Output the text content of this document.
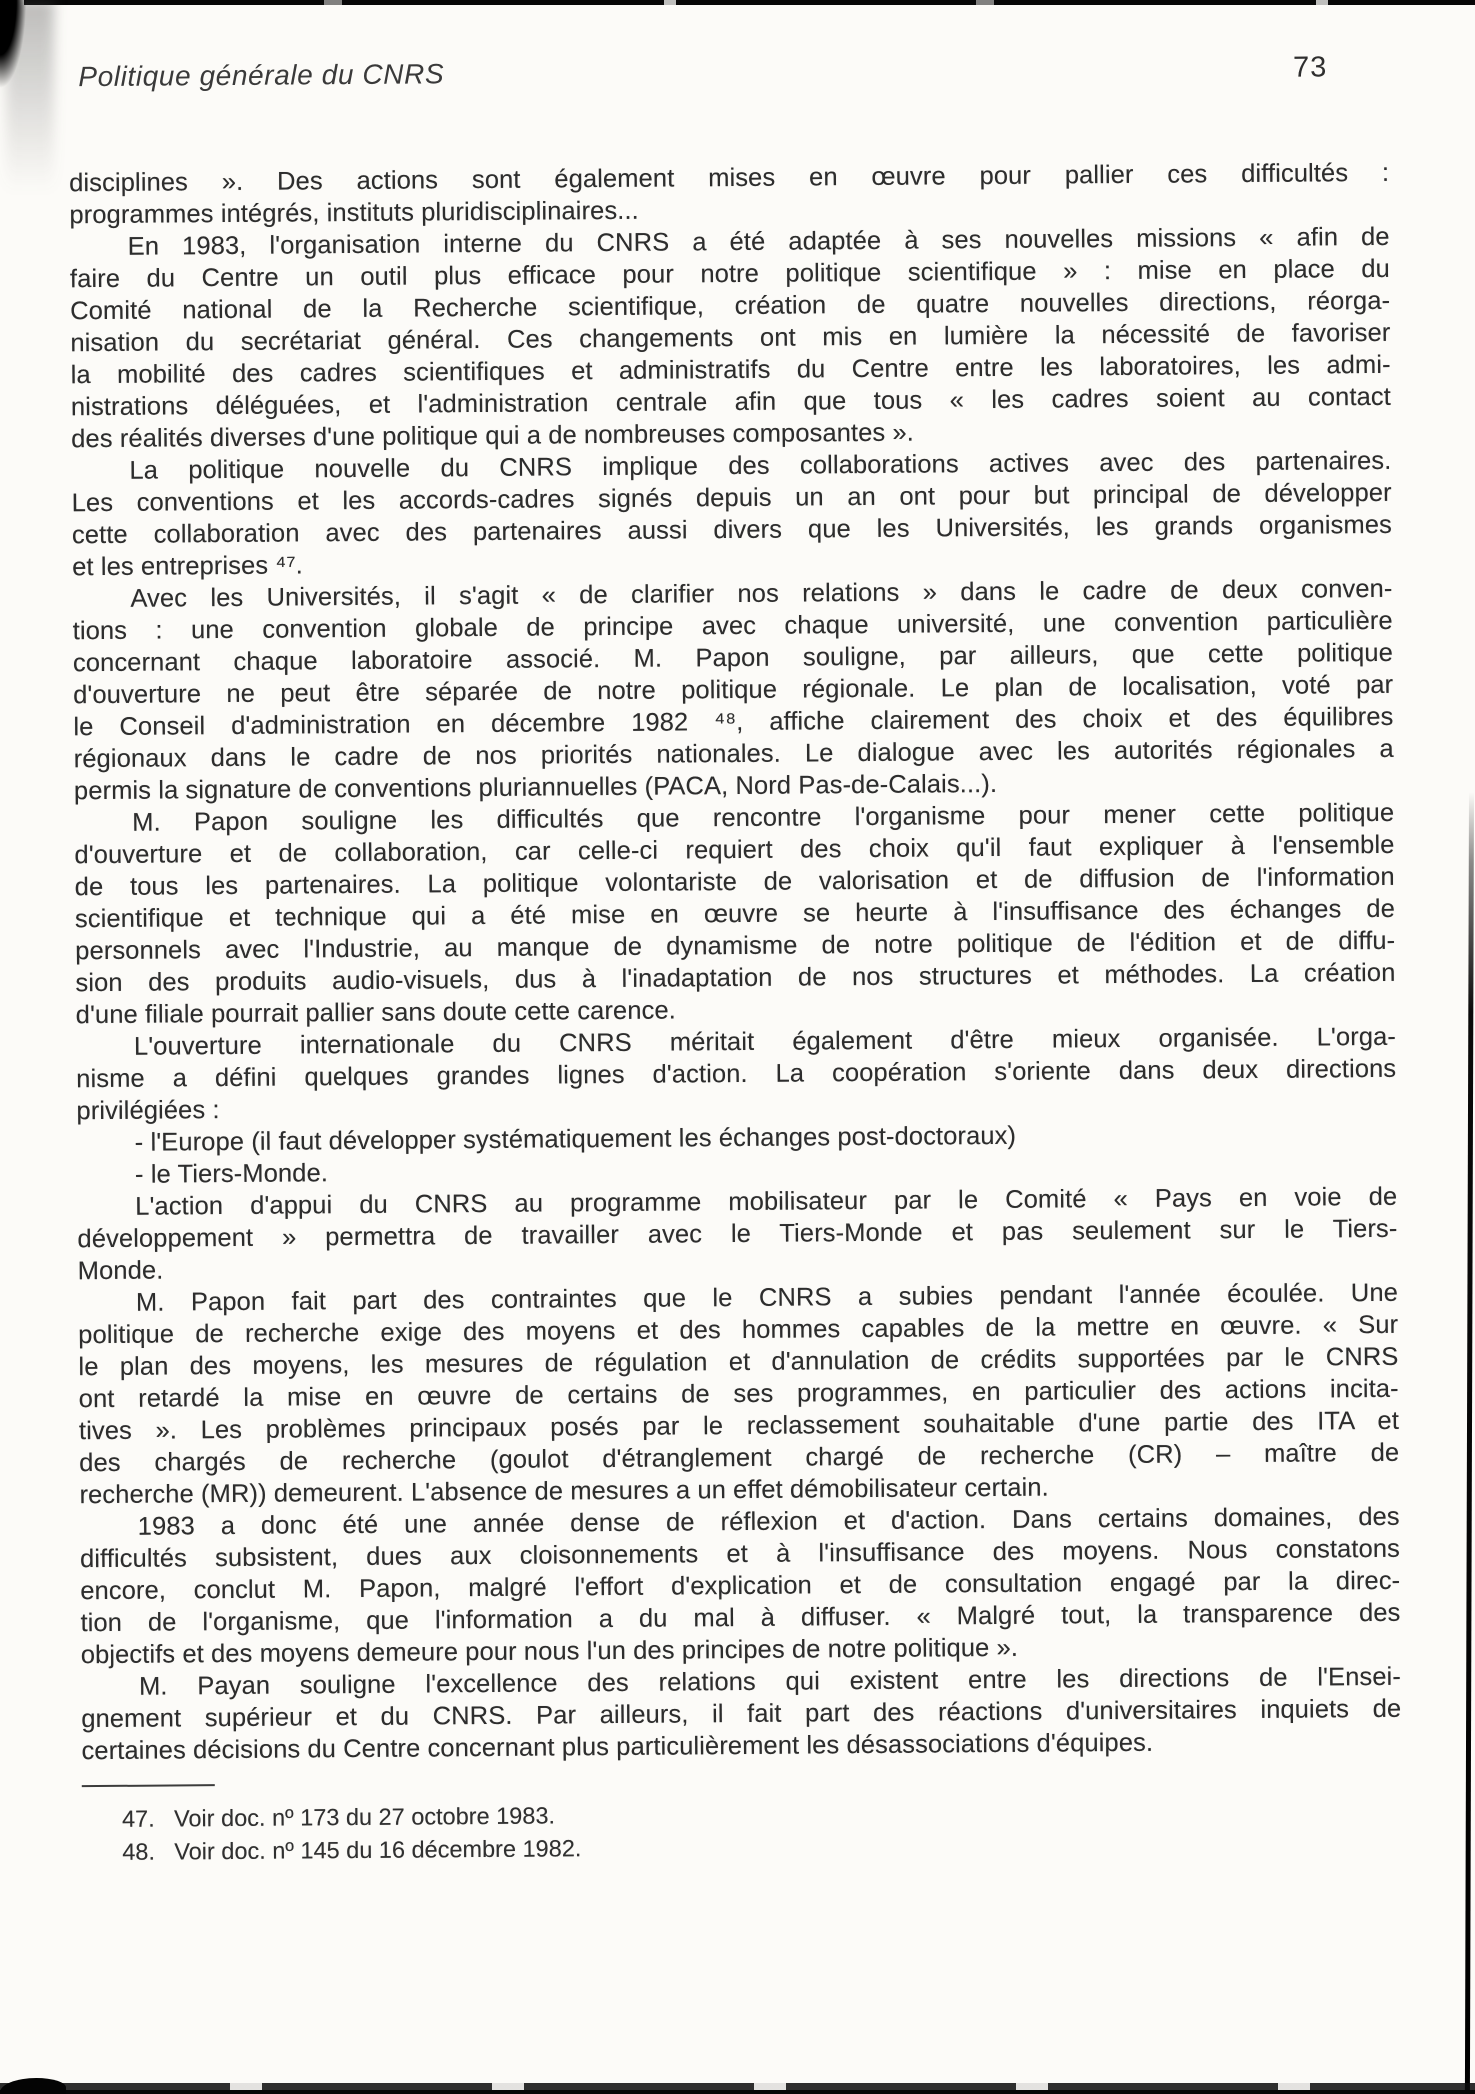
Politique générale du CNRS	73
disciplines ». Des actions sont également mises en œuvre pour pallier ces difficultés :
programmes intégrés, instituts pluridisciplinaires...
En 1983, l'organisation interne du CNRS a été adaptée à ses nouvelles missions « afin de
faire du Centre un outil plus efficace pour notre politique scientifique » : mise en place du
Comité national de la Recherche scientifique, création de quatre nouvelles directions, réorga-
nisation du secrétariat général. Ces changements ont mis en lumière la nécessité de favoriser
la mobilité des cadres scientifiques et administratifs du Centre entre les laboratoires, les admi-
nistrations déléguées, et l'administration centrale afin que tous « les cadres soient au contact
des réalités diverses d'une politique qui a de nombreuses composantes ».
La politique nouvelle du CNRS implique des collaborations actives avec des partenaires.
Les conventions et les accords-cadres signés depuis un an ont pour but principal de développer
cette collaboration avec des partenaires aussi divers que les Universités, les grands organismes
et les entreprises ⁴⁷.
Avec les Universités, il s'agit « de clarifier nos relations » dans le cadre de deux conven-
tions : une convention globale de principe avec chaque université, une convention particulière
concernant chaque laboratoire associé. M. Papon souligne, par ailleurs, que cette politique
d'ouverture ne peut être séparée de notre politique régionale. Le plan de localisation, voté par
le Conseil d'administration en décembre 1982 ⁴⁸, affiche clairement des choix et des équilibres
régionaux dans le cadre de nos priorités nationales. Le dialogue avec les autorités régionales a
permis la signature de conventions pluriannuelles (PACA, Nord Pas-de-Calais...).
M. Papon souligne les difficultés que rencontre l'organisme pour mener cette politique
d'ouverture et de collaboration, car celle-ci requiert des choix qu'il faut expliquer à l'ensemble
de tous les partenaires. La politique volontariste de valorisation et de diffusion de l'information
scientifique et technique qui a été mise en œuvre se heurte à l'insuffisance des échanges de
personnels avec l'Industrie, au manque de dynamisme de notre politique de l'édition et de diffu-
sion des produits audio-visuels, dus à l'inadaptation de nos structures et méthodes. La création
d'une filiale pourrait pallier sans doute cette carence.
L'ouverture internationale du CNRS méritait également d'être mieux organisée. L'orga-
nisme a défini quelques grandes lignes d'action. La coopération s'oriente dans deux directions
privilégiées :
- l'Europe (il faut développer systématiquement les échanges post-doctoraux)
- le Tiers-Monde.
L'action d'appui du CNRS au programme mobilisateur par le Comité « Pays en voie de
développement » permettra de travailler avec le Tiers-Monde et pas seulement sur le Tiers-
Monde.
M. Papon fait part des contraintes que le CNRS a subies pendant l'année écoulée. Une
politique de recherche exige des moyens et des hommes capables de la mettre en œuvre. « Sur
le plan des moyens, les mesures de régulation et d'annulation de crédits supportées par le CNRS
ont retardé la mise en œuvre de certains de ses programmes, en particulier des actions incita-
tives ». Les problèmes principaux posés par le reclassement souhaitable d'une partie des ITA et
des chargés de recherche (goulot d'étranglement chargé de recherche (CR) – maître de
recherche (MR)) demeurent. L'absence de mesures a un effet démobilisateur certain.
1983 a donc été une année dense de réflexion et d'action. Dans certains domaines, des
difficultés subsistent, dues aux cloisonnements et à l'insuffisance des moyens. Nous constatons
encore, conclut M. Papon, malgré l'effort d'explication et de consultation engagé par la direc-
tion de l'organisme, que l'information a du mal à diffuser. « Malgré tout, la transparence des
objectifs et des moyens demeure pour nous l'un des principes de notre politique ».
M. Payan souligne l'excellence des relations qui existent entre les directions de l'Ensei-
gnement supérieur et du CNRS. Par ailleurs, il fait part des réactions d'universitaires inquiets de
certaines décisions du Centre concernant plus particulièrement les désassociations d'équipes.
47. Voir doc. nº 173 du 27 octobre 1983.
48. Voir doc. nº 145 du 16 décembre 1982.
